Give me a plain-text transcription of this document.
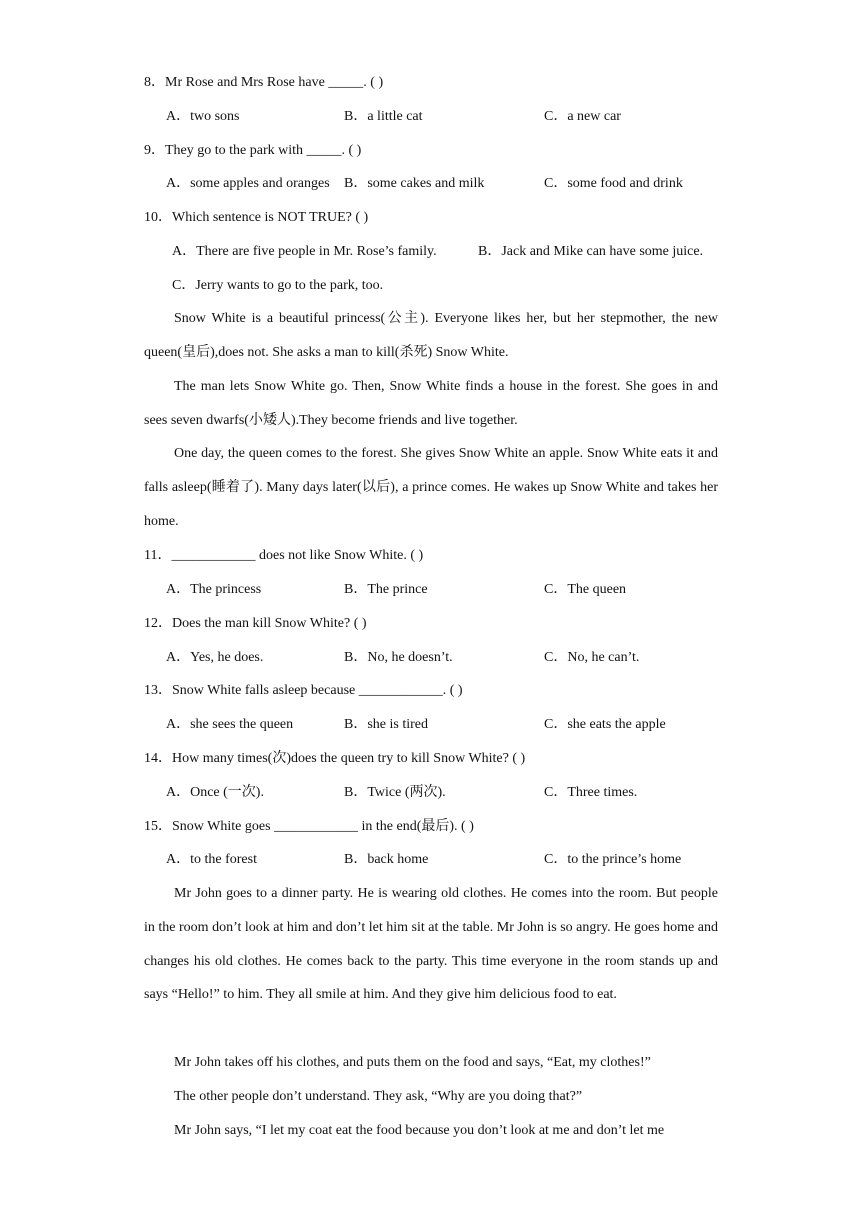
8．Mr Rose and Mrs Rose have _____. ( )
A．two sons	B．a little cat	C．a new car
9．They go to the park with _____. ( )
A．some apples and oranges B．some cakes and milk	C．some food and drink
10．Which sentence is NOT TRUE? ( )
A．There are five people in Mr. Rose’s family.	B．Jack and Mike can have some juice.
C．Jerry wants to go to the park, too.
Snow White is a beautiful princess(公主). Everyone likes her, but her stepmother, the new queen(皇后),does not. She asks a man to kill(杀死) Snow White.
The man lets Snow White go. Then, Snow White finds a house in the forest. She goes in and sees seven dwarfs(小矮人).They become friends and live together.
One day, the queen comes to the forest. She gives Snow White an apple. Snow White eats it and falls asleep(睡着了). Many days later(以后), a prince comes. He wakes up Snow White and takes her home.
11．____________ does not like Snow White. ( )
A．The princess	B．The prince	C．The queen
12．Does the man kill Snow White? ( )
A．Yes, he does.	B．No, he doesn’t.	C．No, he can’t.
13．Snow White falls asleep because ____________. ( )
A．she sees the queen	B．she is tired	C．she eats the apple
14．How many times(次)does the queen try to kill Snow White? ( )
A．Once (一次).	B．Twice (两次).	C．Three times.
15．Snow White goes ____________ in the end(最后). ( )
A．to the forest	B．back home	C．to the prince’s home
Mr John goes to a dinner party. He is wearing old clothes. He comes into the room. But people in the room don’t look at him and don’t let him sit at the table. Mr John is so angry. He goes home and changes his old clothes. He comes back to the party. This time everyone in the room stands up and says “Hello!” to him. They all smile at him. And they give him delicious food to eat.
Mr John takes off his clothes, and puts them on the food and says, “Eat, my clothes!”
The other people don’t understand. They ask, “Why are you doing that?”
Mr John says, “I let my coat eat the food because you don’t look at me and don’t let me
